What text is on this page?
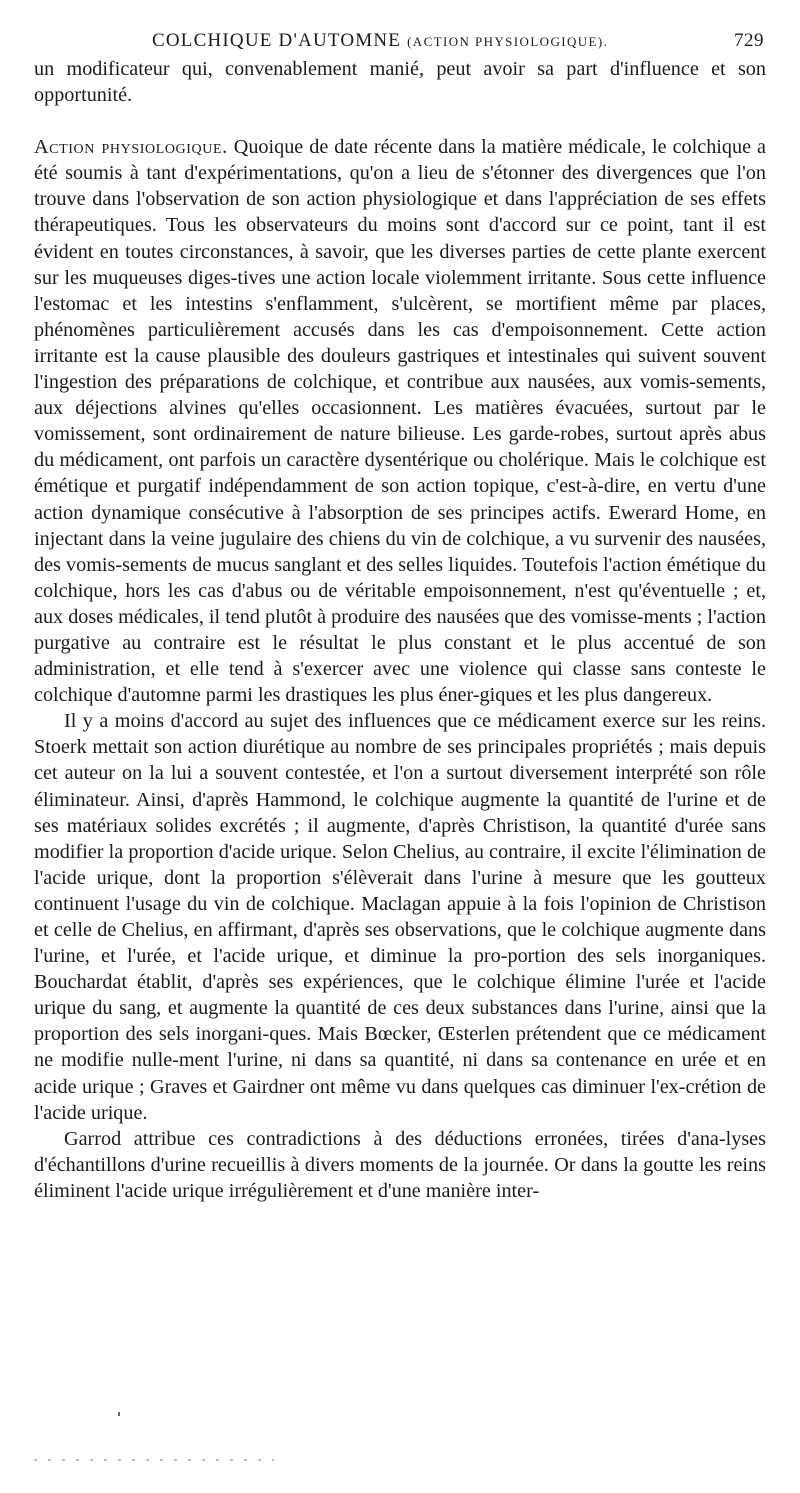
COLCHIQUE D'AUTOMNE (ACTION PHYSIOLOGIQUE).	729

un modificateur qui, convenablement manié, peut avoir sa part d'influence et son opportunité.

Action physiologique. Quoique de date récente dans la matière médicale, le colchique a été soumis à tant d'expérimentations, qu'on a lieu de s'étonner des divergences que l'on trouve dans l'observation de son action physiologique et dans l'appréciation de ses effets thérapeutiques. Tous les observateurs du moins sont d'accord sur ce point, tant il est évident en toutes circonstances, à savoir, que les diverses parties de cette plante exercent sur les muqueuses diges-tives une action locale violemment irritante. Sous cette influence l'estomac et les intestins s'enflamment, s'ulcèrent, se mortifient même par places, phénomènes particulièrement accusés dans les cas d'empoisonnement. Cette action irritante est la cause plausible des douleurs gastriques et intestinales qui suivent souvent l'ingestion des préparations de colchique, et contribue aux nausées, aux vomis-sements, aux déjections alvines qu'elles occasionnent. Les matières évacuées, surtout par le vomissement, sont ordinairement de nature bilieuse. Les garde-robes, surtout après abus du médicament, ont parfois un caractère dysentérique ou cholérique. Mais le colchique est émétique et purgatif indépendamment de son action topique, c'est-à-dire, en vertu d'une action dynamique consécutive à l'absorption de ses principes actifs. Ewerard Home, en injectant dans la veine jugulaire des chiens du vin de colchique, a vu survenir des nausées, des vomis-sements de mucus sanglant et des selles liquides. Toutefois l'action émétique du colchique, hors les cas d'abus ou de véritable empoisonnement, n'est qu'éventuelle ; et, aux doses médicales, il tend plutôt à produire des nausées que des vomisse-ments ; l'action purgative au contraire est le résultat le plus constant et le plus accentué de son administration, et elle tend à s'exercer avec une violence qui classe sans conteste le colchique d'automne parmi les drastiques les plus éner-giques et les plus dangereux.

Il y a moins d'accord au sujet des influences que ce médicament exerce sur les reins. Stoerk mettait son action diurétique au nombre de ses principales propriétés ; mais depuis cet auteur on la lui a souvent contestée, et l'on a surtout diversement interprété son rôle éliminateur. Ainsi, d'après Hammond, le colchique augmente la quantité de l'urine et de ses matériaux solides excrétés ; il augmente, d'après Christison, la quantité d'urée sans modifier la proportion d'acide urique. Selon Chelius, au contraire, il excite l'élimination de l'acide urique, dont la proportion s'élèverait dans l'urine à mesure que les goutteux continuent l'usage du vin de colchique. Maclagan appuie à la fois l'opinion de Christison et celle de Chelius, en affirmant, d'après ses observations, que le colchique augmente dans l'urine, et l'urée, et l'acide urique, et diminue la pro-portion des sels inorganiques. Bouchardat établit, d'après ses expériences, que le colchique élimine l'urée et l'acide urique du sang, et augmente la quantité de ces deux substances dans l'urine, ainsi que la proportion des sels inorgani-ques. Mais Bœcker, Œsterlen prétendent que ce médicament ne modifie nulle-ment l'urine, ni dans sa quantité, ni dans sa contenance en urée et en acide urique ; Graves et Gairdner ont même vu dans quelques cas diminuer l'ex-crétion de l'acide urique.

Garrod attribue ces contradictions à des déductions erronées, tirées d'ana-lyses d'échantillons d'urine recueillis à divers moments de la journée. Or dans la goutte les reins éliminent l'acide urique irrégulièrement et d'une manière inter-
